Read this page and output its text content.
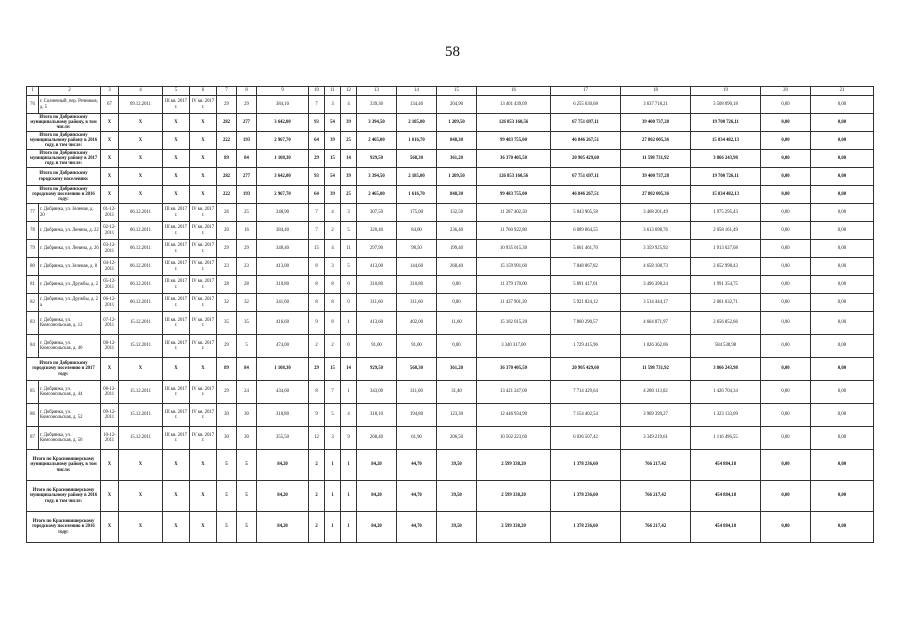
58
1	2	3	4	5	6	7	8	9	10	11	12	13	14	15	16	17	18	19	20	21
76	г. Солнечный, пер. Речников, д. 5	67	09.12.2011	III кв. 2017 г.	IV кв. 2017 г.	29	29	384,10	7	3	4	339,30	134,40	204,90	13 401 439,09	6 255 630,68	3 637 718,21	3 508 090,18	0,00	0,00
Итого по Добрянскому муниципальному району, в том числе:		X	X	X	X	282	277	3 642,00	93	54	39	3 394,50	2 185,00	1 209,50	126 853 160,56	67 751 697,11	39 400 737,28	19 700 726,11	0,00	0,00
Итого по Добрянскому муниципальному району в 2016 году, в том числе:		X	X	X	X	222	193	2 967,70	64	39	25	2 465,00	1 616,70	848,30	99 483 755,00	46 846 267,51	27 802 005,36	15 834 482,13	0,00	0,00
Итого по Добрянскому муниципальному району в 2017 году, в том числе:		X	X	X	X	89	84	1 108,30	29	15	14	929,50	568,30	361,20	36 370 405,50	20 905 429,60	11 598 731,92	3 866 243,98	0,00	0,00
Итого по Добрянскому городскому поселению:		X	X	X	X	282	277	3 642,00	93	54	39	3 394,50	2 185,00	1 209,50	126 853 160,56	67 751 697,11	39 400 737,28	19 700 726,11	0,00	0,00
Итого по Добрянскому городскому поселению в 2016 году:		X	X	X	X	222	193	2 967,70	64	39	25	2 465,00	1 616,70	848,30	99 483 755,00	46 846 267,51	27 802 005,36	15 834 482,13	0,00	0,00
77	г. Добрянка, ул. Зеленая, д. 20	01-12-2011	06.12.2011	III кв. 2017 г.	IV кв. 2017 г.	26	25	348,90	7	4	3	307,50	175,00	132,50	11 287 402,50	5 843 905,58	3 468 201,49	1 975 295,43	0,00	0,00
78	г. Добрянка, ул. Ленина, д. 22	02-12-2011	06.12.2011	III кв. 2017 г.	IV кв. 2017 г.	20	16	384,40	7	2	5	320,40	84,00	236,40	11 760 922,80	6 089 064,55	3 613 698,76	2 058 161,49	0,00	0,00
79	г. Добрянка, ул. Ленина, д. 26	03-12-2011	06.12.2011	III кв. 2017 г.	IV кв. 2017 г.	29	29	348,40	15	4	11	297,90	98,50	199,40	10 935 015,30	5 661 461,70	3 359 925,92	1 913 627,68	0,00	0,00
80	г. Добрянка, ул. Зеленая, д. 8	04-12-2011	06.12.2011	III кв. 2017 г.	IV кв. 2017 г.	23	23	413,00	8	3	5	413,00	144,60	268,40	15 159 991,60	7 848 867,82	4 658 108,73	2 652 998,43	0,00	0,00
81	г. Добрянка, ул. Дружбы, д. 2	05-12-2011	06.12.2011	III кв. 2017 г.	IV кв. 2017 г.	28	28	310,80	8	8	0	310,80	310,80	0,00	11 379 170,00	5 891 417,01	3 496 398,24	1 991 354,75	0,00	0,00
82	г. Добрянка, ул. Дружбы, д. 2 а	06-12-2011	06.12.2011	III кв. 2017 г.	IV кв. 2017 г.	32	32	341,60	8	8	0	311,60	311,60	0,00	11 437 901,20	5 921 824,12	3 514 444,17	2 001 632,71	0,00	0,00
83	г. Добрянка, ул. Комсомольская, д. 12	07-12-2011	15.12.2011	III кв. 2017 г.	IV кв. 2017 г.	35	35	416,60	9	8	1	413,60	402,00	11,60	15 182 015,20	7 860 290,57	4 664 871,97	2 656 852,66	0,00	0,00
84	г. Добрянка, ул. Комсомольская, д. 40	08-12-2011	15.12.2011	III кв. 2017 г.	IV кв. 2017 г.	29	5	474,00	2	2	0	91,00	91,00	0,00	3 340 317,00	1 729 415,96	1 026 362,06	584 538,98	0,00	0,00
Итого по Добрянскому городскому поселению в 2017 году:		X	X	X	X	89	84	1 108,30	29	15	14	929,50	568,30	361,20	36 370 405,50	20 905 429,60	11 598 731,92	3 866 243,98	0,00	0,00
85	г. Добрянка, ул. Комсомольская, д. 44	08-12-2011	15.12.2011	III кв. 2017 г.	IV кв. 2017 г.	29	24	434,60	8	7	1	343,00	311,60	31,40	13 421 247,00	7 714 429,64	4 280 113,02	1 426 704,34	0,00	0,00
86	г. Добрянка, ул. Комсомольская, д. 52	09-12-2011	15.12.2011	III кв. 2017 г.	IV кв. 2017 г.	30	30	318,80	9	5	4	318,10	194,80	123,30	12 446 934,90	7 154 402,54	3 969 399,27	1 323 133,09	0,00	0,00
87	г. Добрянка, ул. Комсомольская, д. 50	10-12-2011	15.12.2011	III кв. 2017 г.	IV кв. 2017 г.	30	30	355,50	12	3	9	268,40	61,90	206,50	10 502 223,60	6 036 507,42	3 349 219,61	1 116 496,55	0,00	0,00
Итого по Красновишерскому муниципальному району, в том числе:		X	X	X	X	5	5	84,20	2	1	1	84,20	44,70	39,50	2 599 338,20	1 378 236,60	766 217,42	454 884,18	0,00	0,00
Итого по Красновишерскому муниципальному району в 2016 году, в том числе:		X	X	X	X	5	5	84,20	2	1	1	84,20	44,70	39,50	2 599 338,20	1 378 236,60	766 217,42	454 884,18	0,00	0,00
Итого по Красновишерскому городскому поселению в 2016 году:		X	X	X	X	5	5	84,20	2	1	1	84,20	44,70	39,50	2 599 338,20	1 378 236,60	766 217,42	454 884,18	0,00	0,00
